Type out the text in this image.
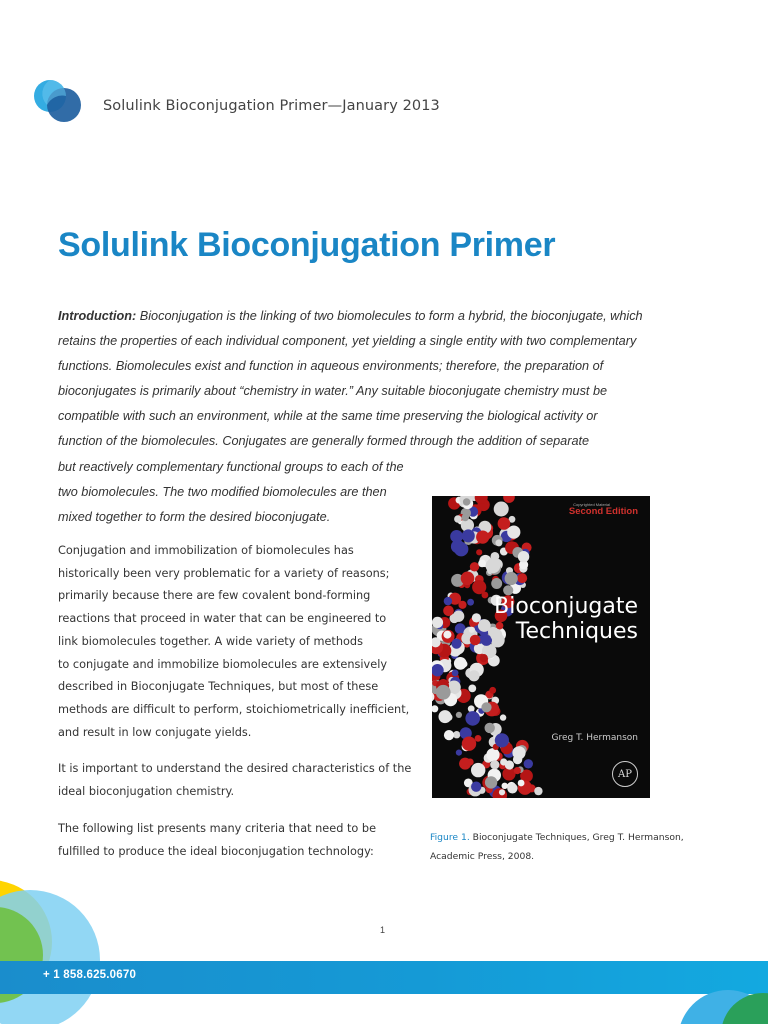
Solulink Bioconjugation Primer—January 2013
Solulink Bioconjugation Primer

Introduction: Bioconjugation is the linking of two biomolecules to form a hybrid, the bioconjugate, which
retains the properties of each individual component, yet yielding a single entity with two complementary
functions. Biomolecules exist and function in aqueous environments; therefore, the preparation of
bioconjugates is primarily about “chemistry in water.” Any suitable bioconjugate chemistry must be
compatible with such an environment, while at the same time preserving the biological activity or
function of the biomolecules. Conjugates are generally formed through the addition of separate
but reactively complementary functional groups to each of the
two biomolecules. The two modified biomolecules are then
mixed together to form the desired bioconjugate.

Conjugation and immobilization of biomolecules has
historically been very problematic for a variety of reasons;
primarily because there are few covalent bond-forming
reactions that proceed in water that can be engineered to
link biomolecules together. A wide variety of methods
to conjugate and immobilize biomolecules are extensively
described in Bioconjugate Techniques, but most of these
methods are difficult to perform, stoichiometrically inefficient,
and result in low conjugate yields.

It is important to understand the desired characteristics of the
ideal bioconjugation chemistry.

The following list presents many criteria that need to be
fulfilled to produce the ideal bioconjugation technology:

Copyrighted Material
Second Edition
Bioconjugate
Techniques
Greg T. Hermanson
AP
Figure 1. Bioconjugate Techniques, Greg T. Hermanson,
Academic Press, 2008.
1
+ 1 858.625.0670
